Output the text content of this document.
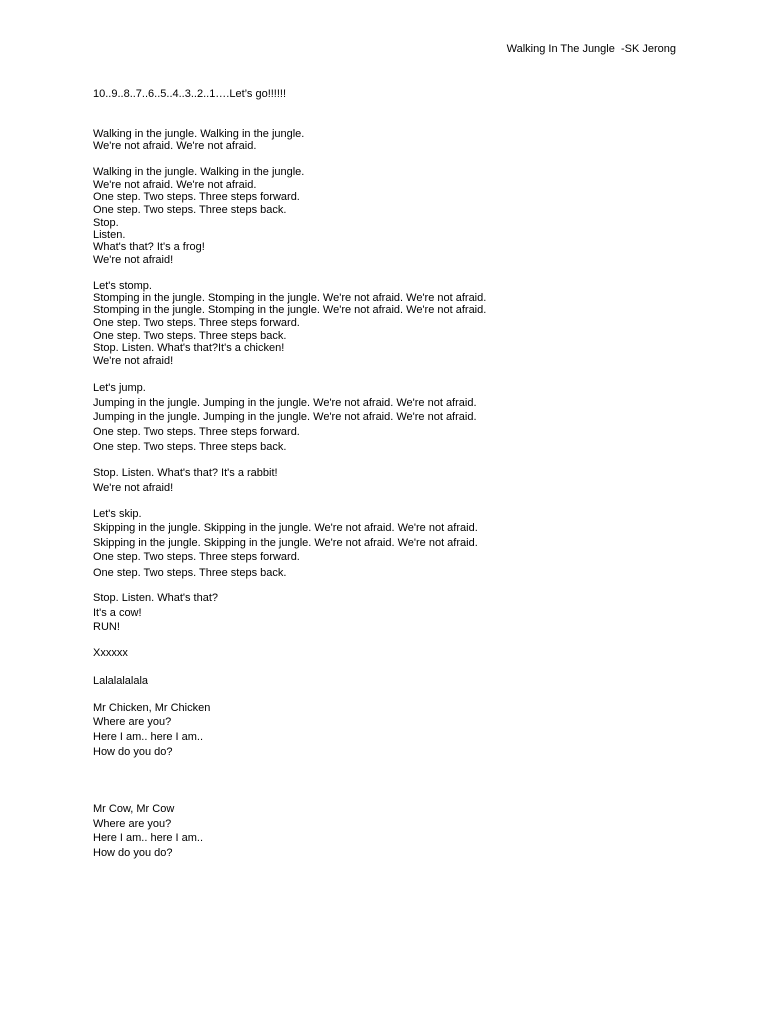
Walking In The Jungle  -SK Jerong
10..9..8..7..6..5..4..3..2..1….Let’s go!!!!!!
Walking in the jungle. Walking in the jungle.
We're not afraid. We're not afraid.
Walking in the jungle. Walking in the jungle.
We're not afraid. We're not afraid.
One step. Two steps. Three steps forward.
One step. Two steps. Three steps back.
Stop.
Listen.
What's that? It's a frog!
We're not afraid!
Let's stomp.
Stomping in the jungle. Stomping in the jungle. We're not afraid. We're not afraid.
Stomping in the jungle. Stomping in the jungle. We're not afraid. We're not afraid.
One step. Two steps. Three steps forward.
One step. Two steps. Three steps back.
Stop. Listen. What's that?It's a chicken!
We're not afraid!
Let's jump.
Jumping in the jungle. Jumping in the jungle. We're not afraid. We're not afraid.
Jumping in the jungle. Jumping in the jungle. We're not afraid. We're not afraid.
One step. Two steps. Three steps forward.
One step. Two steps. Three steps back.
Stop. Listen. What's that? It's a rabbit!
We're not afraid!
Let's skip.
Skipping in the jungle. Skipping in the jungle. We're not afraid. We're not afraid.
Skipping in the jungle. Skipping in the jungle. We're not afraid. We're not afraid.
One step. Two steps. Three steps forward.
One step. Two steps. Three steps back.
Stop. Listen. What's that?
It's a cow!
RUN!
Xxxxxx
Lalalalalala
Mr Chicken, Mr Chicken
Where are you?
Here I am.. here I am..
How do you do?
Mr Cow, Mr Cow
Where are you?
Here I am.. here I am..
How do you do?
